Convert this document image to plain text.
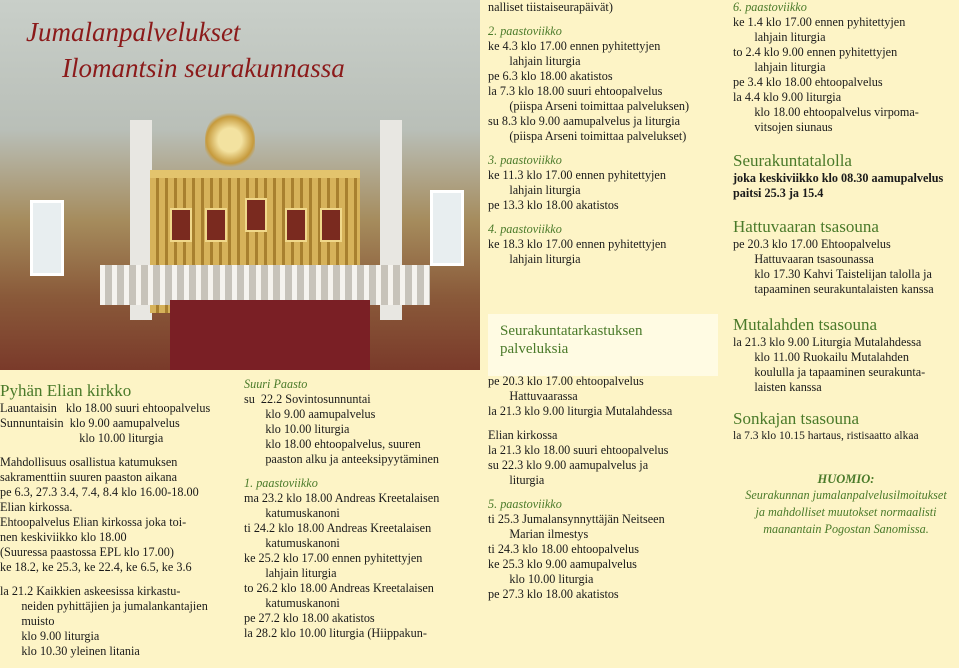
Jumalanpalvelukset
Ilomantsin seurakunnassa
Pyhän Elian kirkko
Lauantaisin   klo 18.00 suuri ehtoopalvelus
Sunnuntaisin  klo 9.00 aamupalvelus
klo 10.00 liturgia

Mahdollisuus osallistua katumuksen
sakramenttiin suuren paaston aikana
pe 6.3, 27.3 3.4, 7.4, 8.4 klo 16.00-18.00
Elian kirkossa.
Ehtoopalvelus Elian kirkossa joka toi-
nen keskiviikko klo 18.00
(Suuressa paastossa EPL klo 17.00)
ke 18.2, ke 25.3, ke 22.4, ke 6.5, ke 3.6

la 21.2 Kaikkien askeesissa kirkastu-
neiden pyhittäjien ja jumalankantajien
muisto
klo 9.00 liturgia
klo 10.30 yleinen litania
Suuri Paasto
su  22.2 Sovintosunnuntai
klo 9.00 aamupalvelus
klo 10.00 liturgia
klo 18.00 ehtoopalvelus, suuren
paaston alku ja anteeksipyytäminen

1. paastoviikko
ma 23.2 klo 18.00 Andreas Kreetalaisen
katumuskanoni
ti 24.2 klo 18.00 Andreas Kreetalaisen
katumuskanoni
ke 25.2 klo 17.00 ennen pyhitettyjen
lahjain liturgia
to 26.2 klo 18.00 Andreas Kreetalaisen
katumuskanoni
pe 27.2 klo 18.00 akatistos
la 28.2 klo 10.00 liturgia (Hiippakun-
nalliset tiistaiseurapäivät)

2. paastoviikko
ke 4.3 klo 17.00 ennen pyhitettyjen
lahjain liturgia
pe 6.3 klo 18.00 akatistos
la 7.3 klo 18.00 suuri ehtoopalvelus
(piispa Arseni toimittaa palveluksen)
su 8.3 klo 9.00 aamupalvelus ja liturgia
(piispa Arseni toimittaa palvelukset)

3. paastoviikko
ke 11.3 klo 17.00 ennen pyhitettyjen
lahjain liturgia
pe 13.3 klo 18.00 akatistos

4. paastoviikko
ke 18.3 klo 17.00 ennen pyhitettyjen
lahjain liturgia
Seurakuntatarkastuksen
palveluksia
pe 20.3 klo 17.00 ehtoopalvelus
Hattuvaarassa
la 21.3 klo 9.00 liturgia Mutalahdessa

Elian kirkossa
la 21.3 klo 18.00 suuri ehtoopalvelus
su 22.3 klo 9.00 aamupalvelus ja
liturgia

5. paastoviikko
ti 25.3 Jumalansynnyttäjän Neitseen
Marian ilmestys
ti 24.3 klo 18.00 ehtoopalvelus
ke 25.3 klo 9.00 aamupalvelus
klo 10.00 liturgia
pe 27.3 klo 18.00 akatistos
6. paastoviikko
ke 1.4 klo 17.00 ennen pyhitettyjen
lahjain liturgia
to 2.4 klo 9.00 ennen pyhitettyjen
lahjain liturgia
pe 3.4 klo 18.00 ehtoopalvelus
la 4.4 klo 9.00 liturgia
klo 18.00 ehtoopalvelus virpoma-
vitsojen siunaus
Seurakuntatalolla
joka keskiviikko klo 08.30 aamupalvelus
paitsi 25.3 ja 15.4
Hattuvaaran tsasouna
pe 20.3 klo 17.00 Ehtoopalvelus
Hattuvaaran tsasounassa
klo 17.30 Kahvi Taistelijan talolla ja
tapaaminen seurakuntalaisten kanssa
Mutalahden tsasouna
la 21.3 klo 9.00 Liturgia Mutalahdessa
klo 11.00 Ruokailu Mutalahden
koululla ja tapaaminen seurakunta-
laisten kanssa
Sonkajan tsasouna
la 7.3 klo 10.15 hartaus, ristisaatto alkaa
HUOMIO:
Seurakunnan jumalanpalvelusilmoitukset
ja mahdolliset muutokset normaalisti
maanantain Pogostan Sanomissa.
